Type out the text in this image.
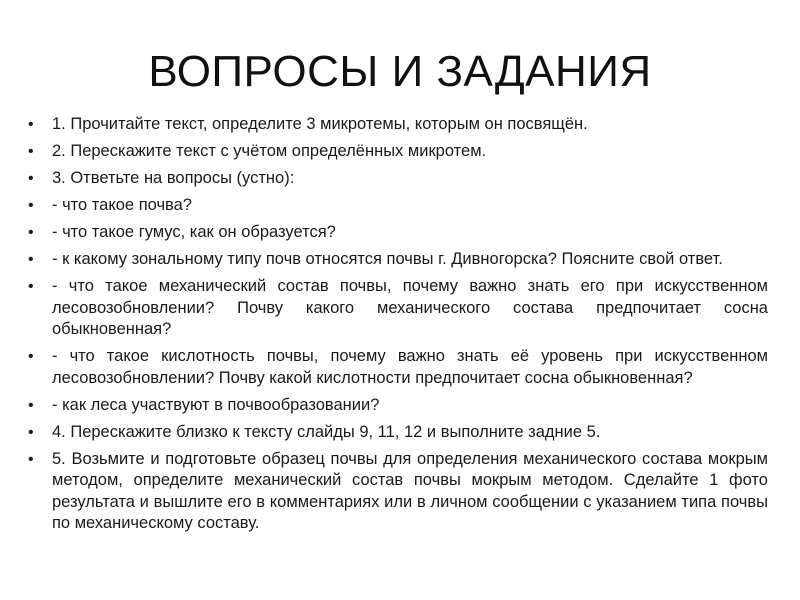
ВОПРОСЫ И ЗАДАНИЯ
•	1. Прочитайте текст, определите 3 микротемы, которым он посвящён.
•	2. Перескажите текст с учётом определённых микротем.
•	3. Ответьте на вопросы (устно):
•	- что такое почва?
•	- что такое гумус, как он образуется?
•	- к какому зональному типу почв относятся почвы г. Дивногорска? Поясните свой ответ.
•	- что такое механический состав почвы, почему важно знать его при искусственном лесовозобновлении? Почву какого механического состава предпочитает сосна обыкновенная?
•	- что такое кислотность почвы, почему важно знать её уровень при искусственном лесовозобновлении? Почву какой кислотности предпочитает сосна обыкновенная?
•	- как леса участвуют в почвообразовании?
•	4. Перескажите близко к тексту слайды 9, 11, 12 и выполните задние 5.
•	5. Возьмите и подготовьте образец почвы для определения механического состава мокрым методом, определите механический состав почвы мокрым методом. Сделайте 1 фото результата и вышлите его в комментариях или в личном сообщении с указанием типа почвы по механическому составу.
